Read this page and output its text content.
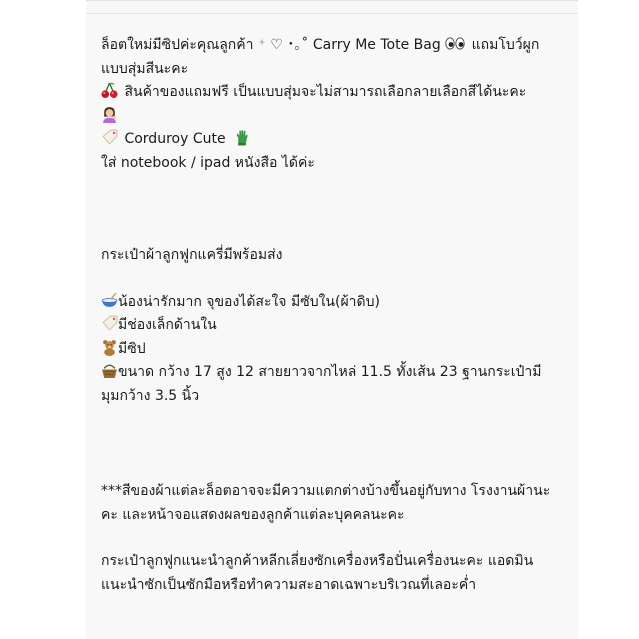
ล็อตใหม่มีซิปค่ะคุณลูกค้า ♡ ･｡˚ Carry Me Tote Bag แถมโบว์ผูก
แบบสุ่มสีนะคะ
สินค้าของแถมฟรี เป็นแบบสุ่มจะไม่สามารถเลือกลายเลือกสีได้นะคะ
Corduroy Cute
ใส่ notebook / ipad หนังสือ ได้ค่ะ
กระเป๋าผ้าลูกฟูกแครี่มีพร้อมส่ง
น้องน่ารักมาก จุของได้สะใจ มีซับใน(ผ้าดิบ)
มีช่องเล็กด้านใน
มีซิป
ขนาด กว้าง 17 สูง 12 สายยาวจากไหล่ 11.5 ทั้งเส้น 23 ฐานกระเป๋ามี
มุมกว้าง 3.5 นิ้ว
***สีของผ้าแต่ละล็อตอาจจะมีความแตกต่างบ้างขึ้นอยู่กับทาง โรงงานผ้านะ
คะ และหน้าจอแสดงผลของลูกค้าแต่ละบุคคลนะคะ
กระเป๋าลูกฟูกแนะนำลูกค้าหลีกเลี่ยงซักเครื่องหรือปั่นเครื่องนะคะ แอดมิน
แนะนำซักเป็นซักมือหรือทำความสะอาดเฉพาะบริเวณที่เลอะค่ำ
